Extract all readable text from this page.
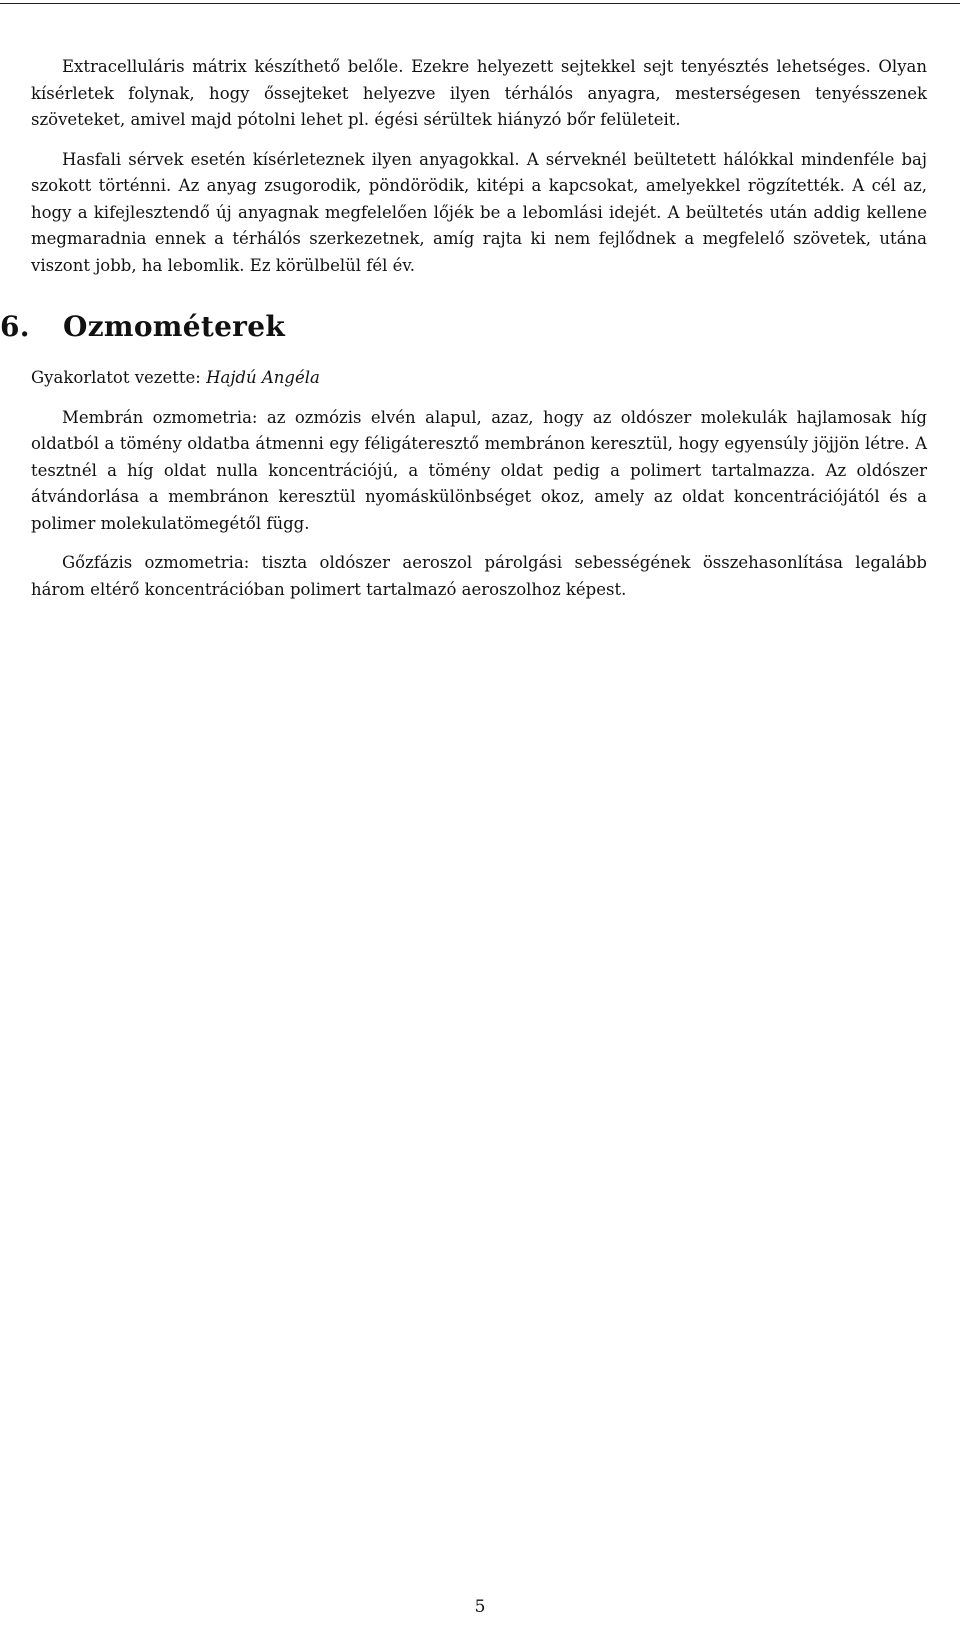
Extracelluláris mátrix készíthető belőle. Ezekre helyezett sejtekkel sejt tenyésztés lehetséges. Olyan kísérletek folynak, hogy őssejteket helyezve ilyen térhálós anyagra, mesterségesen tenyésszenek szöveteket, amivel majd pótolni lehet pl. égési sérültek hiányzó bőr felületeit.

Hasfali sérvek esetén kísérleteznek ilyen anyagokkal. A sérveknél beültetett hálókkal mindenféle baj szokott történni. Az anyag zsugorodik, pöndörödik, kitépi a kapcsokat, amelyekkel rögzítették. A cél az, hogy a kifejlesztendő új anyagnak megfelelően lőjék be a lebomlási idejét. A beültetés után addig kellene megmaradnia ennek a térhálós szerkezetnek, amíg rajta ki nem fejlődnek a megfelelő szövetek, utána viszont jobb, ha lebomlik. Ez körülbelül fél év.

6. Ozmométerek

Gyakorlatot vezette: Hajdú Angéla

Membrán ozmometria: az ozmózis elvén alapul, azaz, hogy az oldószer molekulák hajlamosak híg oldatból a tömény oldatba átmenni egy féligáteresztő membránon keresztül, hogy egyensúly jöjjön létre. A tesztnél a híg oldat nulla koncentrációjú, a tömény oldat pedig a polimert tartalmazza. Az oldószer átvándorlása a membránon keresztül nyomáskülönbséget okoz, amely az oldat koncentrációjától és a polimer molekulatömegétől függ.

Gőzfázis ozmometria: tiszta oldószer aeroszol párolgási sebességének összehasonlítása legalább három eltérő koncentrációban polimert tartalmazó aeroszolhoz képest.

5
